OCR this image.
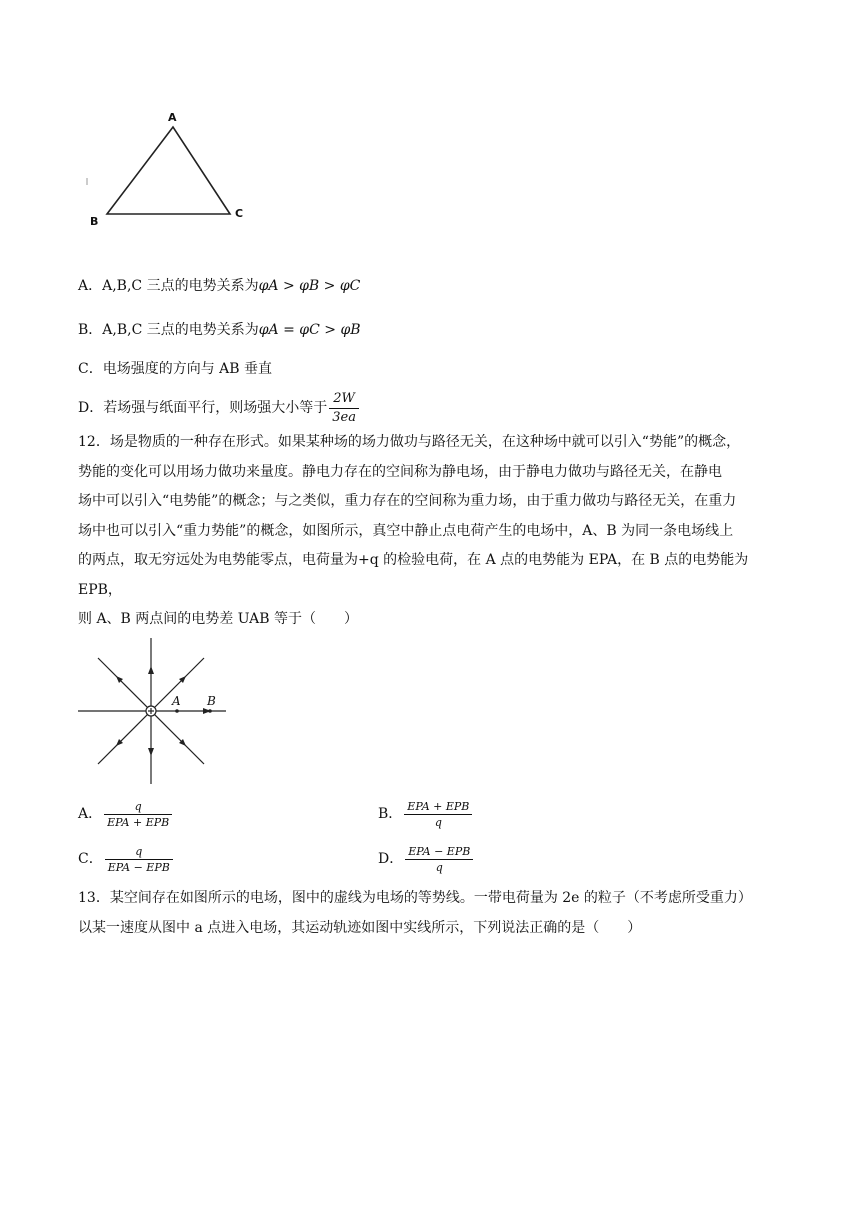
A
B
C
A．A,B,C 三点的电势关系为φA > φB > φC
B．A,B,C 三点的电势关系为φA = φC > φB
C．电场强度的方向与 AB 垂直
D．若场强与纸面平行，则场强大小等于 $\frac{2W}{3ea}$
12．场是物质的一种存在形式。如果某种场的场力做功与路径无关，在这种场中就可以引入“势能”的概念，
势能的变化可以用场力做功来量度。静电力存在的空间称为静电场，由于静电力做功与路径无关，在静电
场中可以引入“电势能”的概念；与之类似，重力存在的空间称为重力场，由于重力做功与路径无关，在重力
场中也可以引入“重力势能”的概念，如图所示，真空中静止点电荷产生的电场中，A、B 为同一条电场线上
的两点，取无穷远处为电势能零点，电荷量为+q 的检验电荷，在 A 点的电势能为 EPA，在 B 点的电势能为 EPB，
则 A、B 两点间的电势差 UAB 等于（　　）
A B
A． $\frac{q}{\text{EPA + EPB}}$	B． $\frac{\text{EPA + EPB}}{q}$
C． $\frac{q}{\text{EPA − EPB}}$	D． $\frac{\text{EPA − EPB}}{q}$
13．某空间存在如图所示的电场，图中的虚线为电场的等势线。一带电荷量为 2e 的粒子（不考虑所受重力）
以某一速度从图中 a 点进入电场，其运动轨迹如图中实线所示，下列说法正确的是（　　）
